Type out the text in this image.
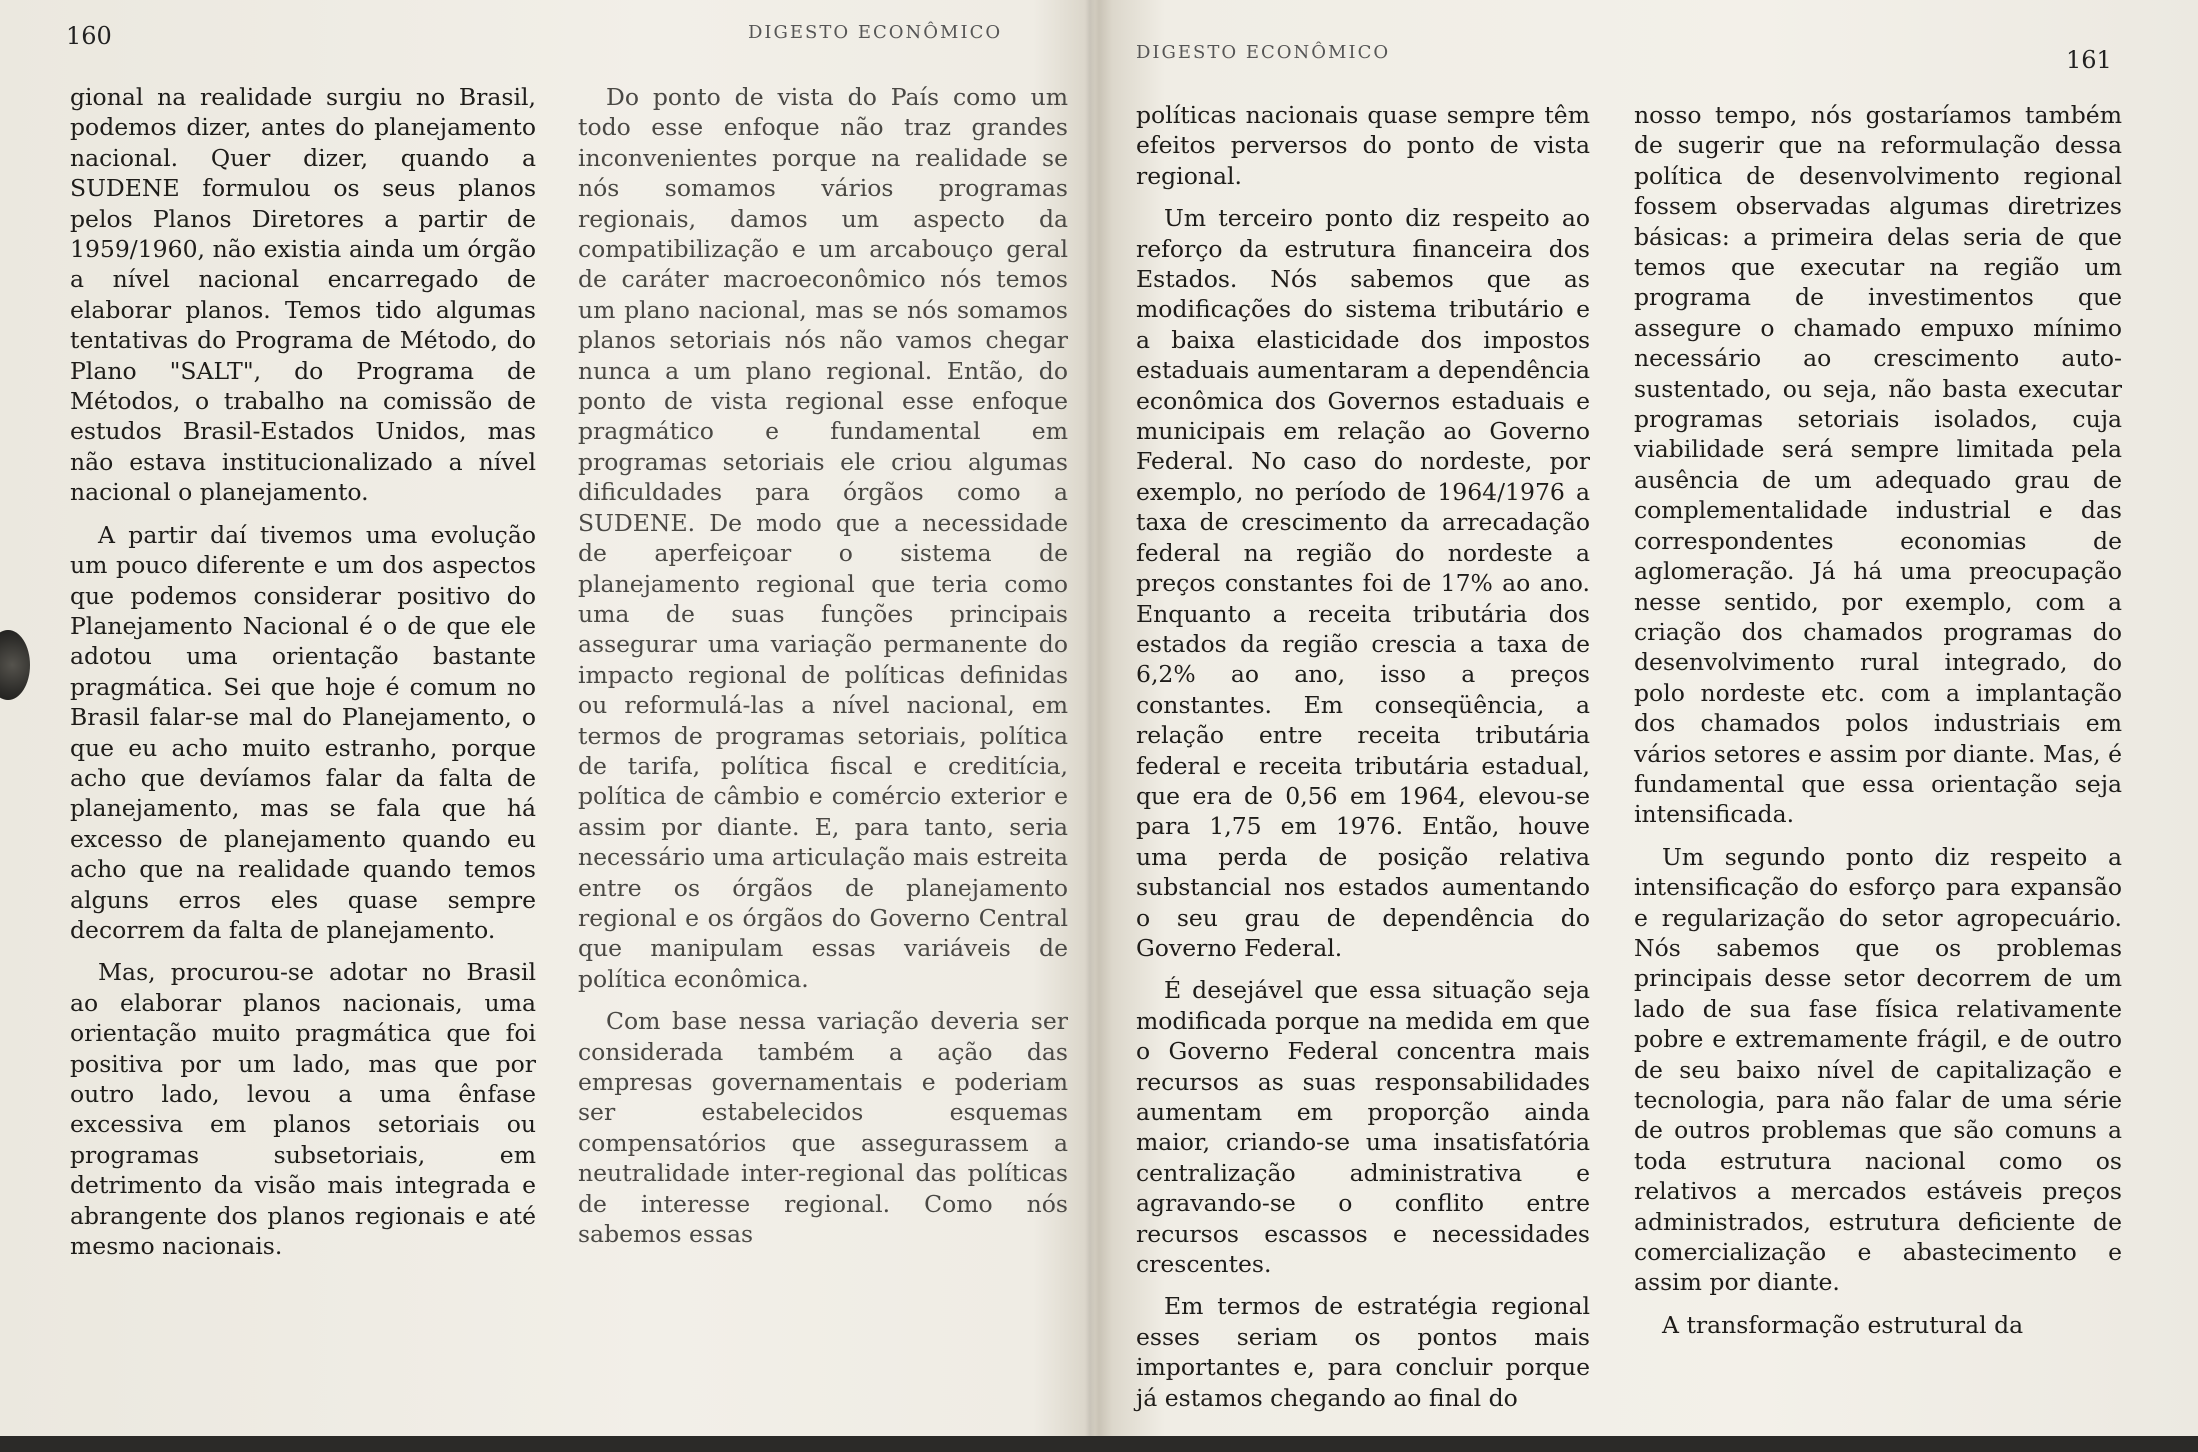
160	DIGESTO ECONÔMICO

gional na realidade surgiu no Brasil, podemos dizer, antes do planejamento nacional. Quer dizer, quando a SUDENE formulou os seus planos pelos Planos Diretores a partir de 1959/1960, não existia ainda um órgão a nível nacional encarregado de elaborar planos. Temos tido algumas tentativas do Programa de Método, do Plano "SALT", do Programa de Métodos, o trabalho na comissão de estudos Brasil-Estados Unidos, mas não estava institucionalizado a nível nacional o planejamento.

A partir daí tivemos uma evolução um pouco diferente e um dos aspectos que podemos considerar positivo do Planejamento Nacional é o de que ele adotou uma orientação bastante pragmática. Sei que hoje é comum no Brasil falar-se mal do Planejamento, o que eu acho muito estranho, porque acho que devíamos falar da falta de planejamento, mas se fala que há excesso de planejamento quando eu acho que na realidade quando temos alguns erros eles quase sempre decorrem da falta de planejamento.

Mas, procurou-se adotar no Brasil ao elaborar planos nacionais, uma orientação muito pragmática que foi positiva por um lado, mas que por outro lado, levou a uma ênfase excessiva em planos setoriais ou programas subsetoriais, em detrimento da visão mais integrada e abrangente dos planos regionais e até mesmo nacionais.

Do ponto de vista do País como um todo esse enfoque não traz grandes inconvenientes porque na realidade se nós somamos vários programas regionais, damos um aspecto da compatibilização e um arcabouço geral de caráter macroeconômico nós temos um plano nacional, mas se nós somamos planos setoriais nós não vamos chegar nunca a um plano regional. Então, do ponto de vista regional esse enfoque pragmático e fundamental em programas setoriais ele criou algumas dificuldades para órgãos como a SUDENE. De modo que a necessidade de aperfeiçoar o sistema de planejamento regional que teria como uma de suas funções principais assegurar uma variação permanente do impacto regional de políticas definidas ou reformulá-las a nível nacional, em termos de programas setoriais, política de tarifa, política fiscal e creditícia, política de câmbio e comércio exterior e assim por diante. E, para tanto, seria necessário uma articulação mais estreita entre os órgãos de planejamento regional e os órgãos do Governo Central que manipulam essas variáveis de política econômica.

Com base nessa variação deveria ser considerada também a ação das empresas governamentais e poderiam ser estabelecidos esquemas compensatórios que assegurassem a neutralidade inter-regional das políticas de interesse regional. Como nós sabemos essas

DIGESTO ECONÔMICO	161

políticas nacionais quase sempre têm efeitos perversos do ponto de vista regional.

Um terceiro ponto diz respeito ao reforço da estrutura financeira dos Estados. Nós sabemos que as modificações do sistema tributário e a baixa elasticidade dos impostos estaduais aumentaram a dependência econômica dos Governos estaduais e municipais em relação ao Governo Federal. No caso do nordeste, por exemplo, no período de 1964/1976 a taxa de crescimento da arrecadação federal na região do nordeste a preços constantes foi de 17% ao ano. Enquanto a receita tributária dos estados da região crescia a taxa de 6,2% ao ano, isso a preços constantes. Em conseqüência, a relação entre receita tributária federal e receita tributária estadual, que era de 0,56 em 1964, elevou-se para 1,75 em 1976. Então, houve uma perda de posição relativa substancial nos estados aumentando o seu grau de dependência do Governo Federal.

É desejável que essa situação seja modificada porque na medida em que o Governo Federal concentra mais recursos as suas responsabilidades aumentam em proporção ainda maior, criando-se uma insatisfatória centralização administrativa e agravando-se o conflito entre recursos escassos e necessidades crescentes.

Em termos de estratégia regional esses seriam os pontos mais importantes e, para concluir porque já estamos chegando ao final do

nosso tempo, nós gostaríamos também de sugerir que na reformulação dessa política de desenvolvimento regional fossem observadas algumas diretrizes básicas: a primeira delas seria de que temos que executar na região um programa de investimentos que assegure o chamado empuxo mínimo necessário ao crescimento auto-sustentado, ou seja, não basta executar programas setoriais isolados, cuja viabilidade será sempre limitada pela ausência de um adequado grau de complementalidade industrial e das correspondentes economias de aglomeração. Já há uma preocupação nesse sentido, por exemplo, com a criação dos chamados programas do desenvolvimento rural integrado, do polo nordeste etc. com a implantação dos chamados polos industriais em vários setores e assim por diante. Mas, é fundamental que essa orientação seja intensificada.

Um segundo ponto diz respeito a intensificação do esforço para expansão e regularização do setor agropecuário. Nós sabemos que os problemas principais desse setor decorrem de um lado de sua fase física relativamente pobre e extremamente frágil, e de outro de seu baixo nível de capitalização e tecnologia, para não falar de uma série de outros problemas que são comuns a toda estrutura nacional como os relativos a mercados estáveis preços administrados, estrutura deficiente de comercialização e abastecimento e assim por diante.

A transformação estrutural da
